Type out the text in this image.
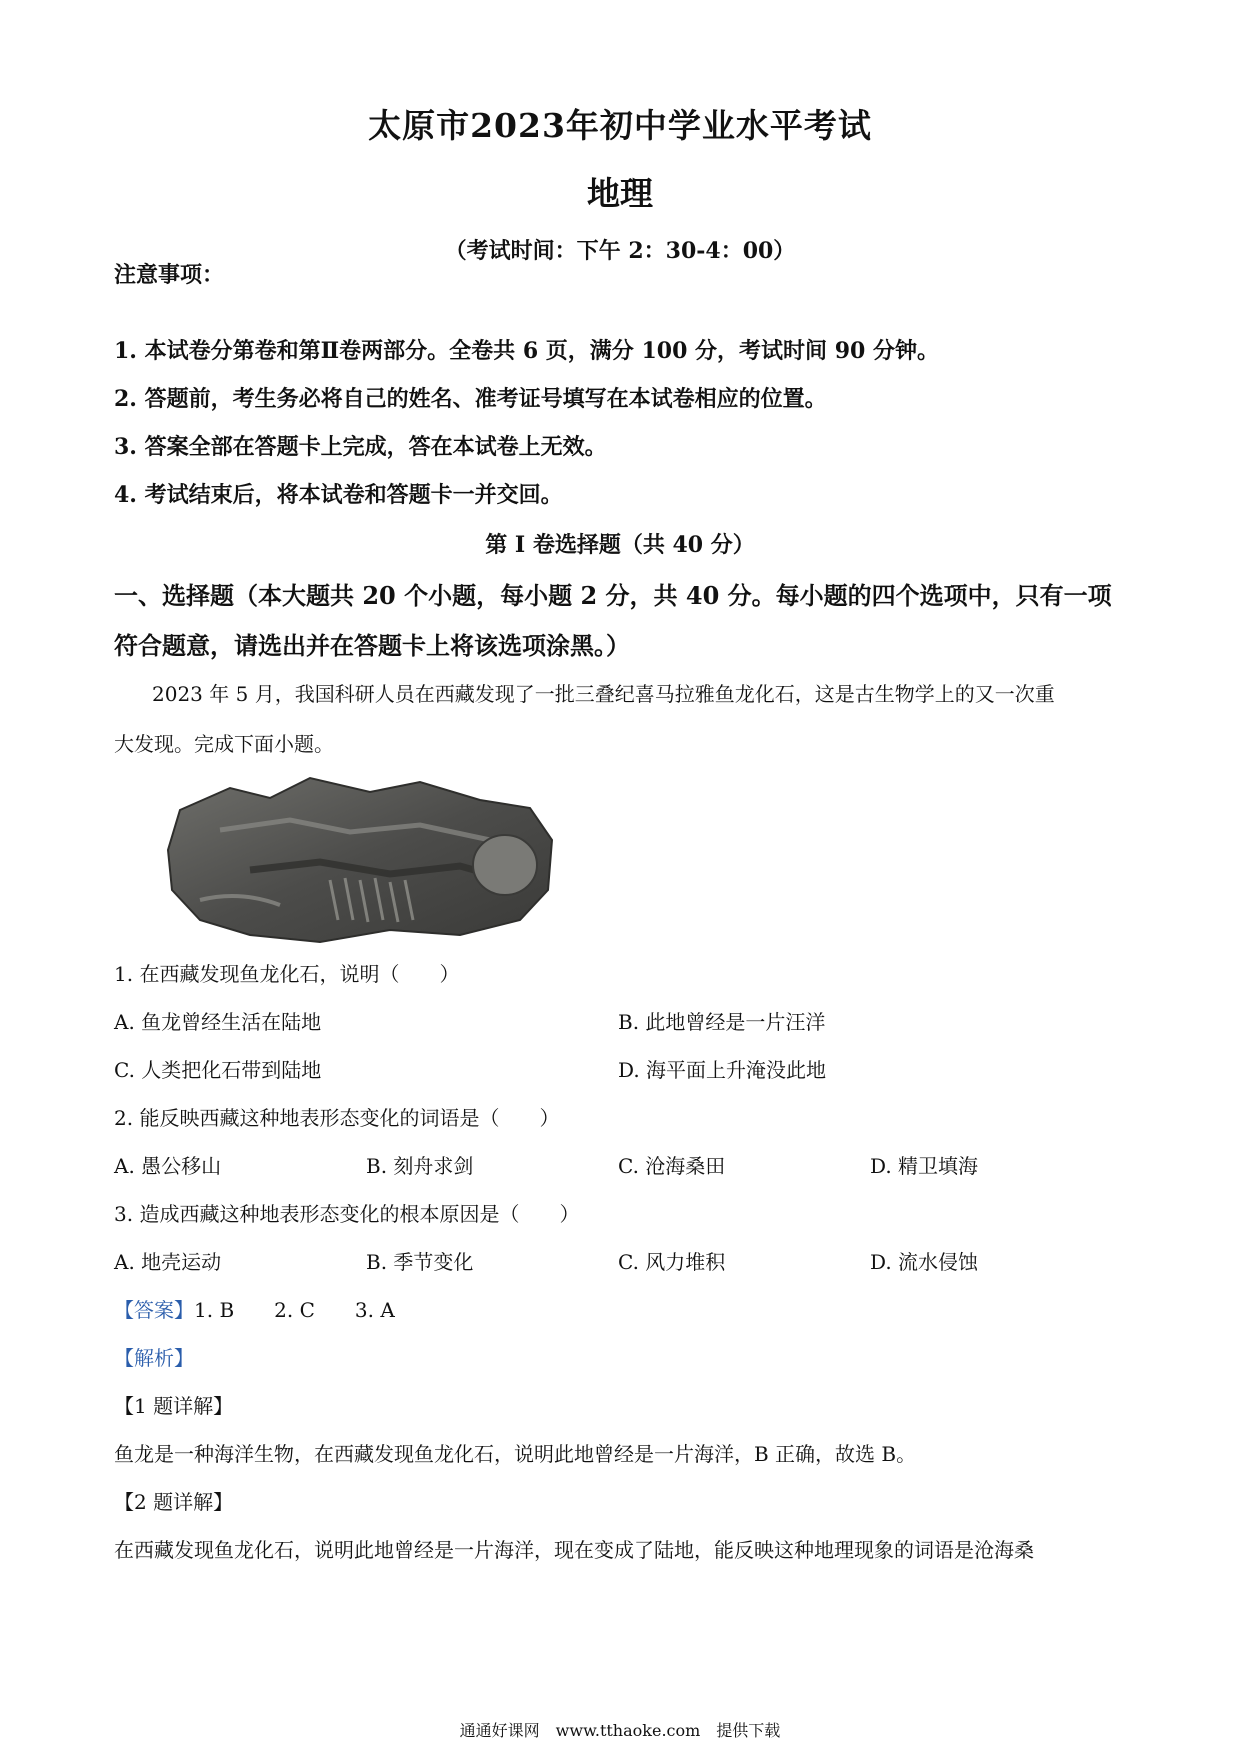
太原市2023年初中学业水平考试
地理
（考试时间：下午 2：30-4：00）
注意事项：
1. 本试卷分第卷和第Ⅱ卷两部分。全卷共 6 页，满分 100 分，考试时间 90 分钟。
2. 答题前，考生务必将自己的姓名、准考证号填写在本试卷相应的位置。
3. 答案全部在答题卡上完成，答在本试卷上无效。
4. 考试结束后，将本试卷和答题卡一并交回。
第 I 卷选择题（共 40 分）
一、选择题（本大题共 20 个小题，每小题 2 分，共 40 分。每小题的四个选项中，只有一项
符合题意，请选出并在答题卡上将该选项涂黑。）
2023 年 5 月，我国科研人员在西藏发现了一批三叠纪喜马拉雅鱼龙化石，这是古生物学上的又一次重
大发现。完成下面小题。
1. 在西藏发现鱼龙化石，说明（　　）
A. 鱼龙曾经生活在陆地	B. 此地曾经是一片汪洋
C. 人类把化石带到陆地	D. 海平面上升淹没此地
2. 能反映西藏这种地表形态变化的词语是（　　）
A. 愚公移山	B. 刻舟求剑	C. 沧海桑田	D. 精卫填海
3. 造成西藏这种地表形态变化的根本原因是（　　）
A. 地壳运动	B. 季节变化	C. 风力堆积	D. 流水侵蚀
【答案】1. B　　2. C　　3. A
【解析】
【1 题详解】
鱼龙是一种海洋生物，在西藏发现鱼龙化石，说明此地曾经是一片海洋，B 正确，故选 B。
【2 题详解】
在西藏发现鱼龙化石，说明此地曾经是一片海洋，现在变成了陆地，能反映这种地理现象的词语是沧海桑
通通好课网　www.tthaoke.com　提供下载
